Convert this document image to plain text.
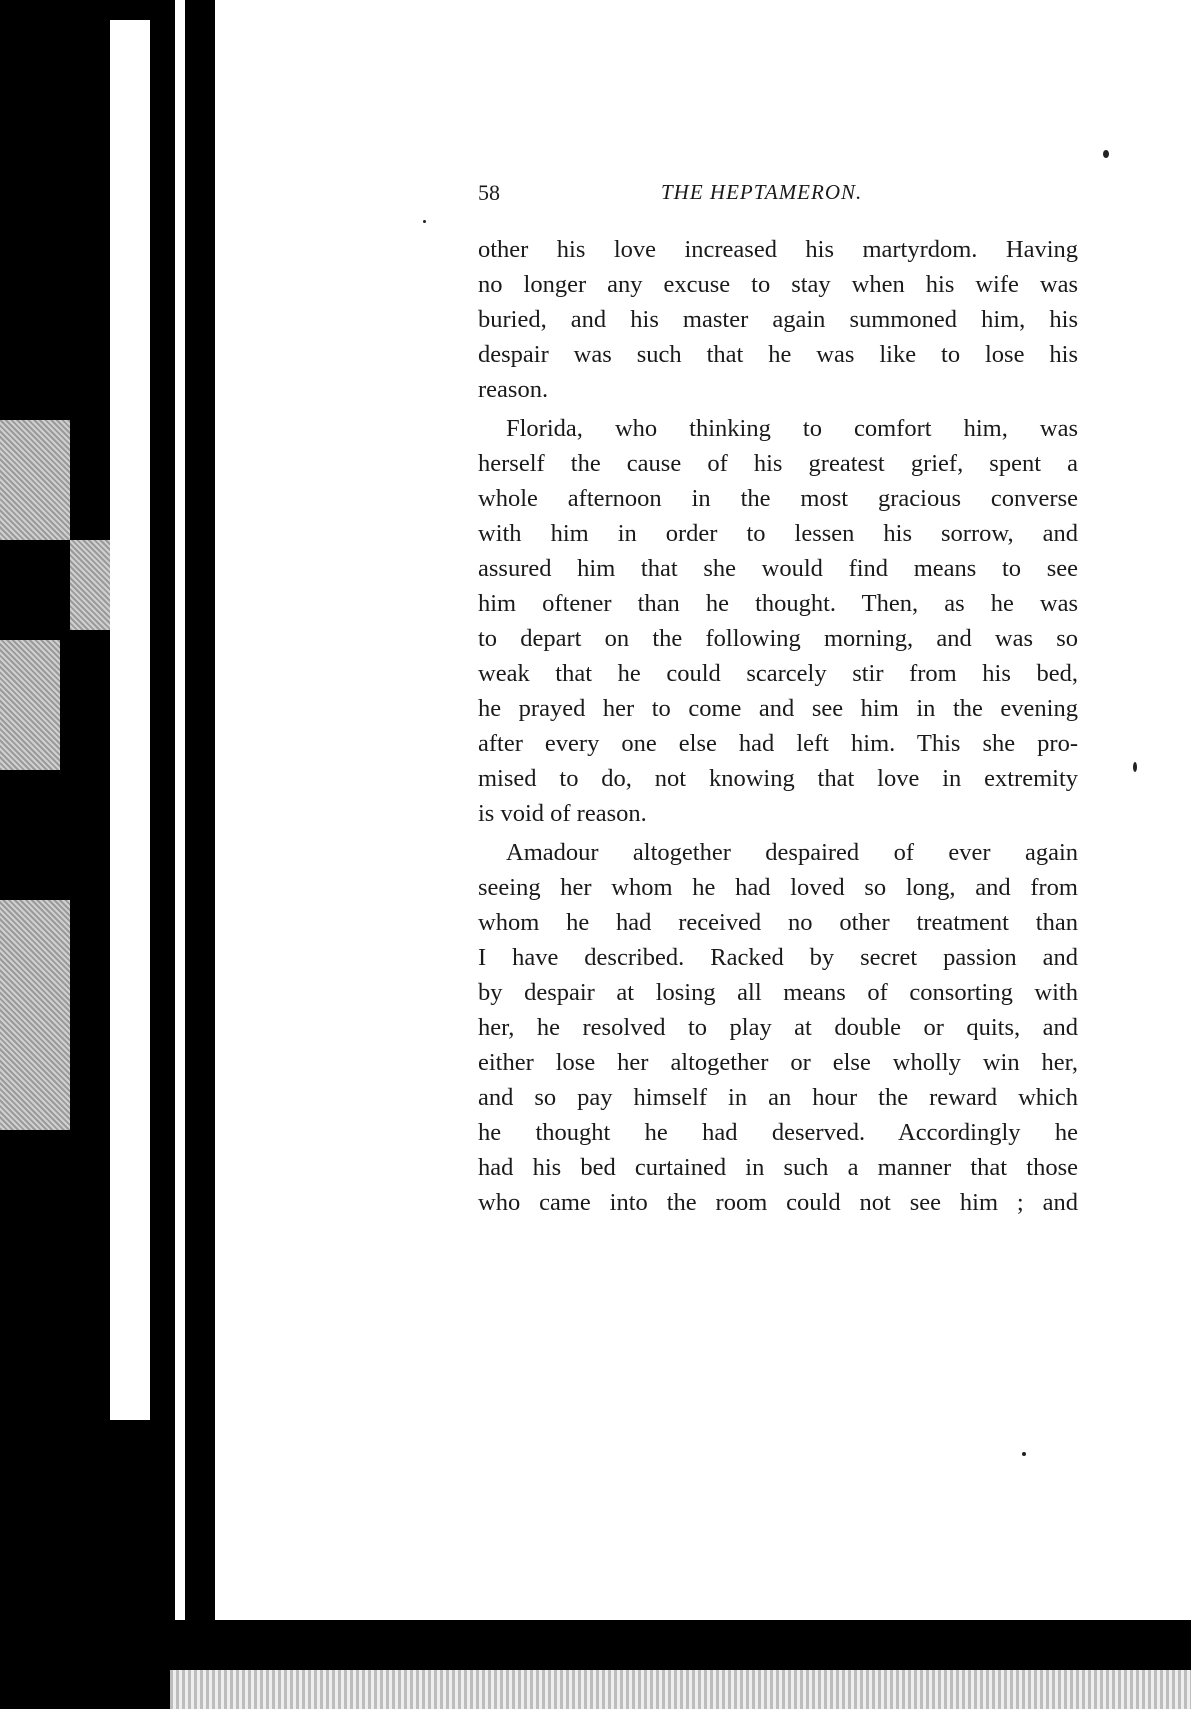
58	THE HEPTAMERON.
other his love increased his martyrdom. Having
no longer any excuse to stay when his wife was
buried, and his master again summoned him, his
despair was such that he was like to lose his
reason.
Florida, who thinking to comfort him, was
herself the cause of his greatest grief, spent a
whole afternoon in the most gracious converse
with him in order to lessen his sorrow, and
assured him that she would find means to see
him oftener than he thought. Then, as he was
to depart on the following morning, and was so
weak that he could scarcely stir from his bed,
he prayed her to come and see him in the evening
after every one else had left him. This she pro-
mised to do, not knowing that love in extremity
is void of reason.
Amadour altogether despaired of ever again
seeing her whom he had loved so long, and from
whom he had received no other treatment than
I have described. Racked by secret passion and
by despair at losing all means of consorting with
her, he resolved to play at double or quits, and
either lose her altogether or else wholly win her,
and so pay himself in an hour the reward which
he thought he had deserved. Accordingly he
had his bed curtained in such a manner that those
who came into the room could not see him ; and
